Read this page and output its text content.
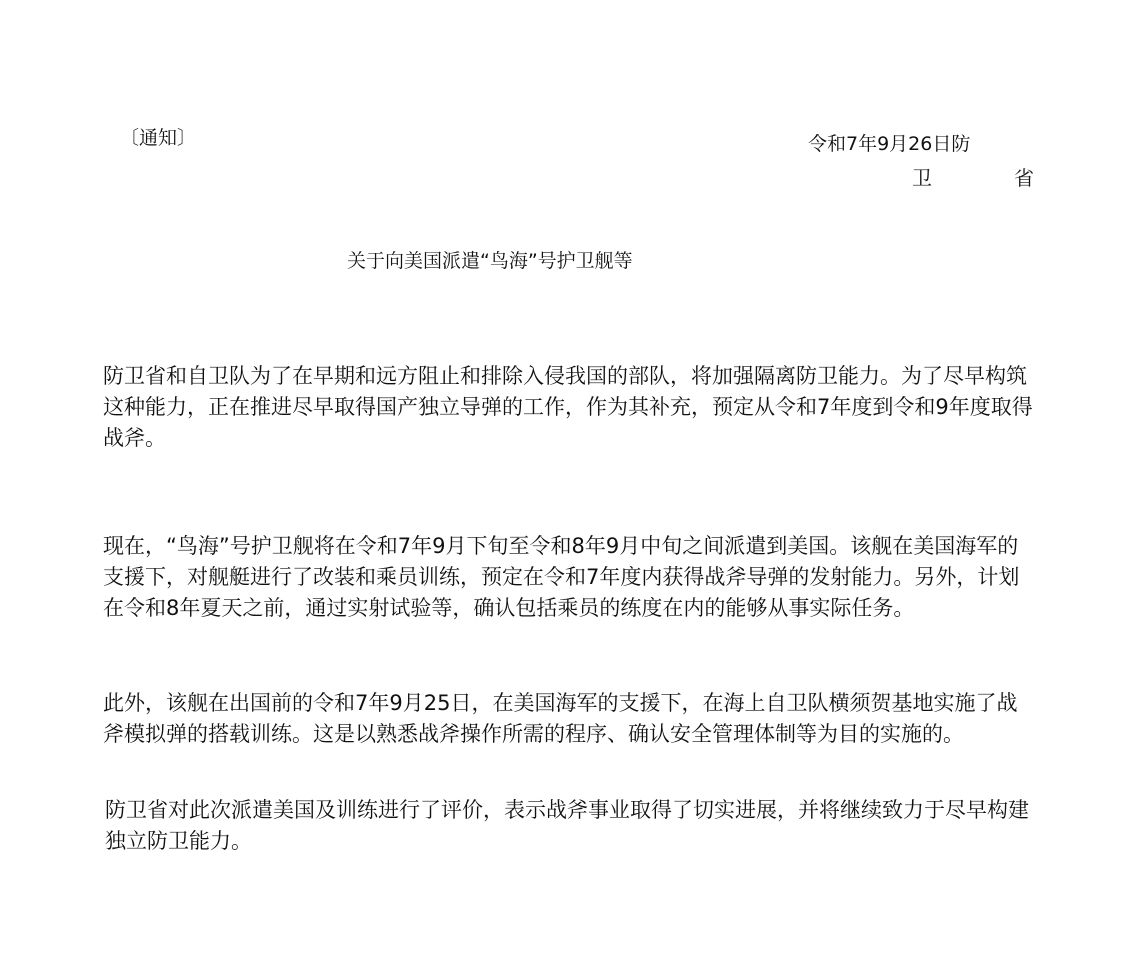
〔通知〕	令和7年9月26日防
卫	省
关于向美国派遣“鸟海”号护卫舰等

防卫省和自卫队为了在早期和远方阻止和排除入侵我国的部队，将加强隔离防卫能力。为了尽早构筑这种能力，正在推进尽早取得国产独立导弹的工作，作为其补充，预定从令和7年度到令和9年度取得战斧。

现在，“鸟海”号护卫舰将在令和7年9月下旬至令和8年9月中旬之间派遣到美国。该舰在美国海军的支援下，对舰艇进行了改装和乘员训练，预定在令和7年度内获得战斧导弹的发射能力。另外，计划在令和8年夏天之前，通过实射试验等，确认包括乘员的练度在内的能够从事实际任务。

此外，该舰在出国前的令和7年9月25日，在美国海军的支援下，在海上自卫队横须贺基地实施了战斧模拟弹的搭载训练。这是以熟悉战斧操作所需的程序、确认安全管理体制等为目的实施的。

防卫省对此次派遣美国及训练进行了评价，表示战斧事业取得了切实进展，并将继续致力于尽早构建独立防卫能力。
